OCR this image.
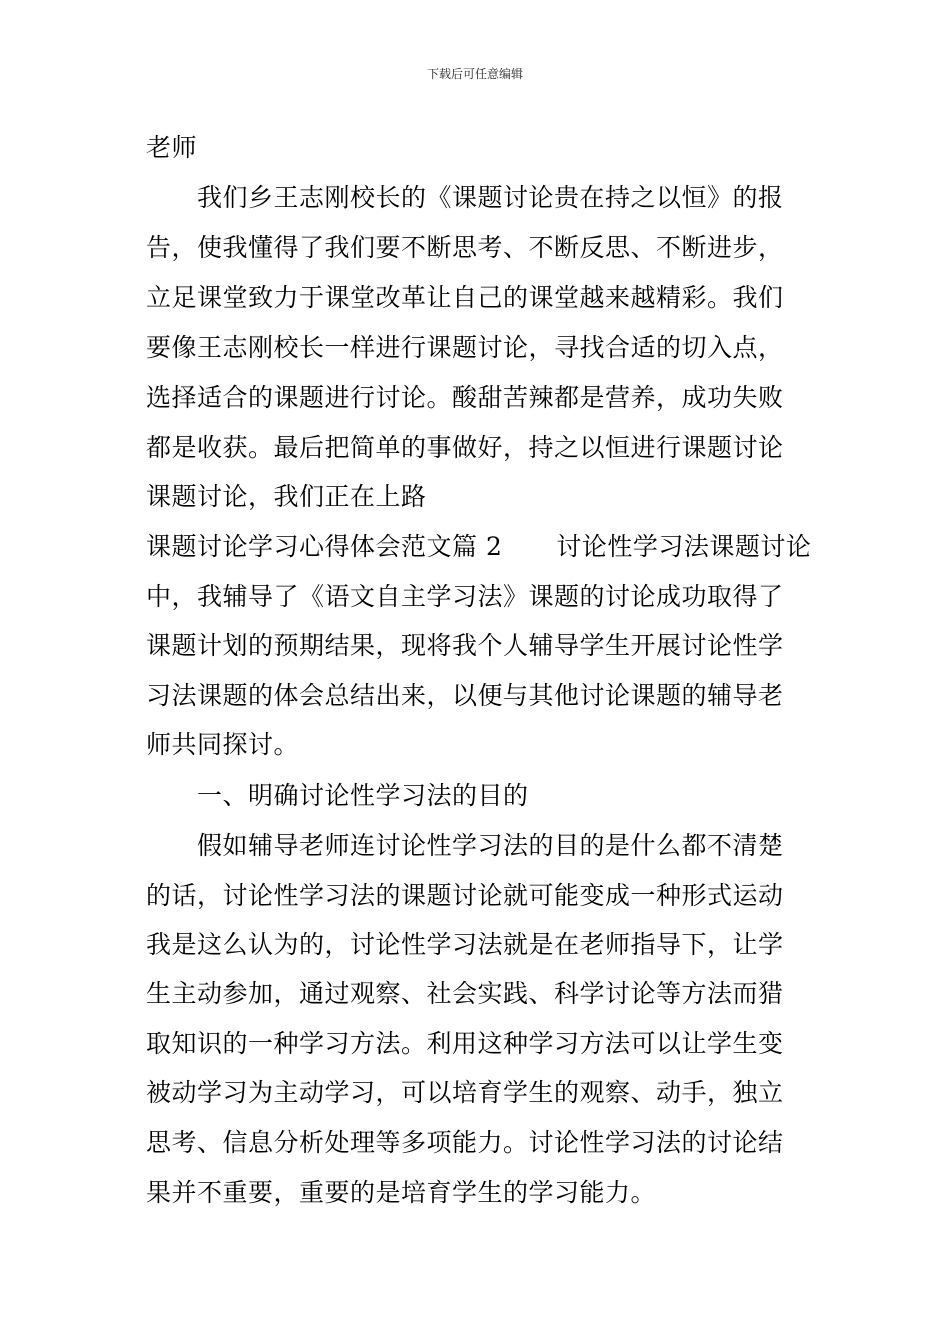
下载后可任意编辑
老师
我们乡王志刚校长的《课题讨论贵在持之以恒》的报
告，使我懂得了我们要不断思考、不断反思、不断进步，
立足课堂致力于课堂改革让自己的课堂越来越精彩。我们
要像王志刚校长一样进行课题讨论，寻找合适的切入点，
选择适合的课题进行讨论。酸甜苦辣都是营养，成功失败
都是收获。最后把简单的事做好，持之以恒进行课题讨论
课题讨论，我们正在上路
课题讨论学习心得体会范文篇 2 讨论性学习法课题讨论
中，我辅导了《语文自主学习法》课题的讨论成功取得了
课题计划的预期结果，现将我个人辅导学生开展讨论性学
习法课题的体会总结出来，以便与其他讨论课题的辅导老
师共同探讨。
一、明确讨论性学习法的目的
假如辅导老师连讨论性学习法的目的是什么都不清楚
的话，讨论性学习法的课题讨论就可能变成一种形式运动
我是这么认为的，讨论性学习法就是在老师指导下，让学
生主动参加，通过观察、社会实践、科学讨论等方法而猎
取知识的一种学习方法。利用这种学习方法可以让学生变
被动学习为主动学习，可以培育学生的观察、动手，独立
思考、信息分析处理等多项能力。讨论性学习法的讨论结
果并不重要，重要的是培育学生的学习能力。
